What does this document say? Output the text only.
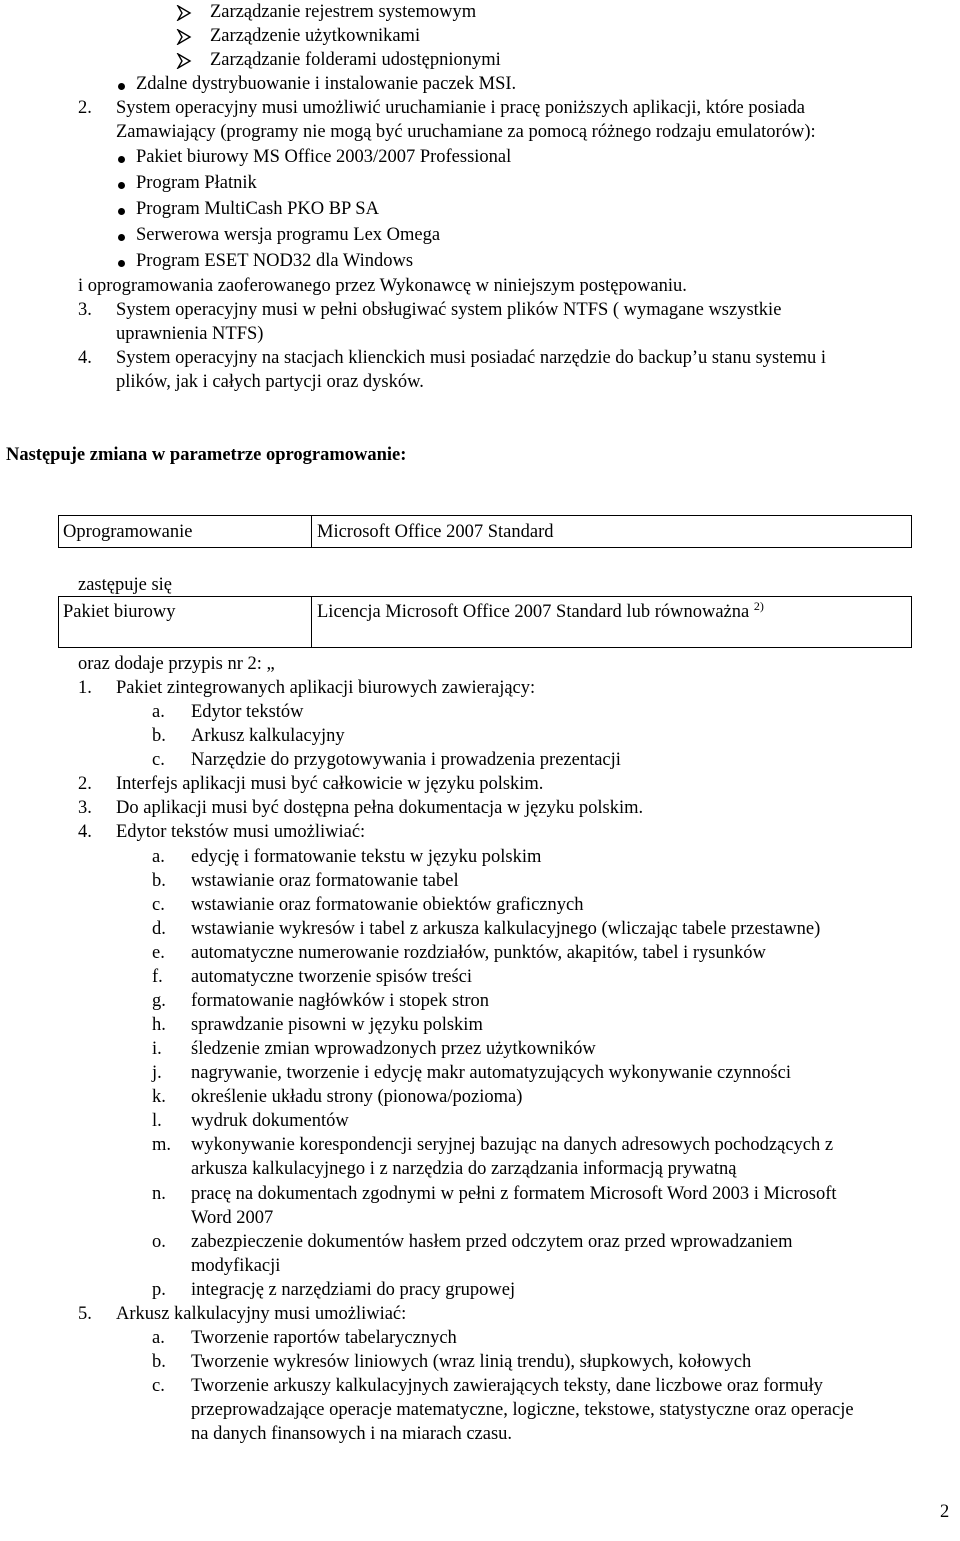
Zarządzanie rejestrem systemowym
Zarządzenie użytkownikami
Zarządzanie folderami udostępnionymi
Zdalne dystrybuowanie i instalowanie paczek MSI.
2. System operacyjny musi umożliwić uruchamianie i pracę poniższych aplikacji, które posiada
Zamawiający (programy nie mogą być uruchamiane za pomocą różnego rodzaju emulatorów):
Pakiet biurowy MS Office 2003/2007 Professional
Program Płatnik
Program MultiCash PKO BP SA
Serwerowa wersja programu Lex Omega
Program ESET NOD32 dla Windows
i oprogramowania zaoferowanego przez Wykonawcę w niniejszym postępowaniu.
3. System operacyjny musi w pełni obsługiwać system plików NTFS ( wymagane wszystkie
uprawnienia NTFS)
4. System operacyjny na stacjach klienckich musi posiadać narzędzie do backup’u stanu systemu i
plików, jak i całych partycji oraz dysków.
Następuje zmiana w parametrze oprogramowanie:
Oprogramowanie	Microsoft Office 2007 Standard
zastępuje się
Pakiet biurowy	Licencja Microsoft Office 2007 Standard lub równoważna $^{2)}$
oraz dodaje przypis nr 2: „
1. Pakiet zintegrowanych aplikacji biurowych zawierający:
a. Edytor tekstów
b. Arkusz kalkulacyjny
c. Narzędzie do przygotowywania i prowadzenia prezentacji
2. Interfejs aplikacji musi być całkowicie w języku polskim.
3. Do aplikacji musi być dostępna pełna dokumentacja w języku polskim.
4. Edytor tekstów musi umożliwiać:
a. edycję i formatowanie tekstu w języku polskim
b. wstawianie oraz formatowanie tabel
c. wstawianie oraz formatowanie obiektów graficznych
d. wstawianie wykresów i tabel z arkusza kalkulacyjnego (wliczając tabele przestawne)
e. automatyczne numerowanie rozdziałów, punktów, akapitów, tabel i rysunków
f. automatyczne tworzenie spisów treści
g. formatowanie nagłówków i stopek stron
h. sprawdzanie pisowni w języku polskim
i. śledzenie zmian wprowadzonych przez użytkowników
j. nagrywanie, tworzenie i edycję makr automatyzujących wykonywanie czynności
k. określenie układu strony (pionowa/pozioma)
l. wydruk dokumentów
m. wykonywanie korespondencji seryjnej bazując na danych adresowych pochodzących z
arkusza kalkulacyjnego i z narzędzia do zarządzania informacją prywatną
n. pracę na dokumentach zgodnymi w pełni z formatem Microsoft Word 2003 i Microsoft
Word 2007
o. zabezpieczenie dokumentów hasłem przed odczytem oraz przed wprowadzaniem
modyfikacji
p. integrację z narzędziami do pracy grupowej
5. Arkusz kalkulacyjny musi umożliwiać:
a. Tworzenie raportów tabelarycznych
b. Tworzenie wykresów liniowych (wraz linią trendu), słupkowych, kołowych
c. Tworzenie arkuszy kalkulacyjnych zawierających teksty, dane liczbowe oraz formuły
przeprowadzające operacje matematyczne, logiczne, tekstowe, statystyczne oraz operacje
na danych finansowych i na miarach czasu.
2
